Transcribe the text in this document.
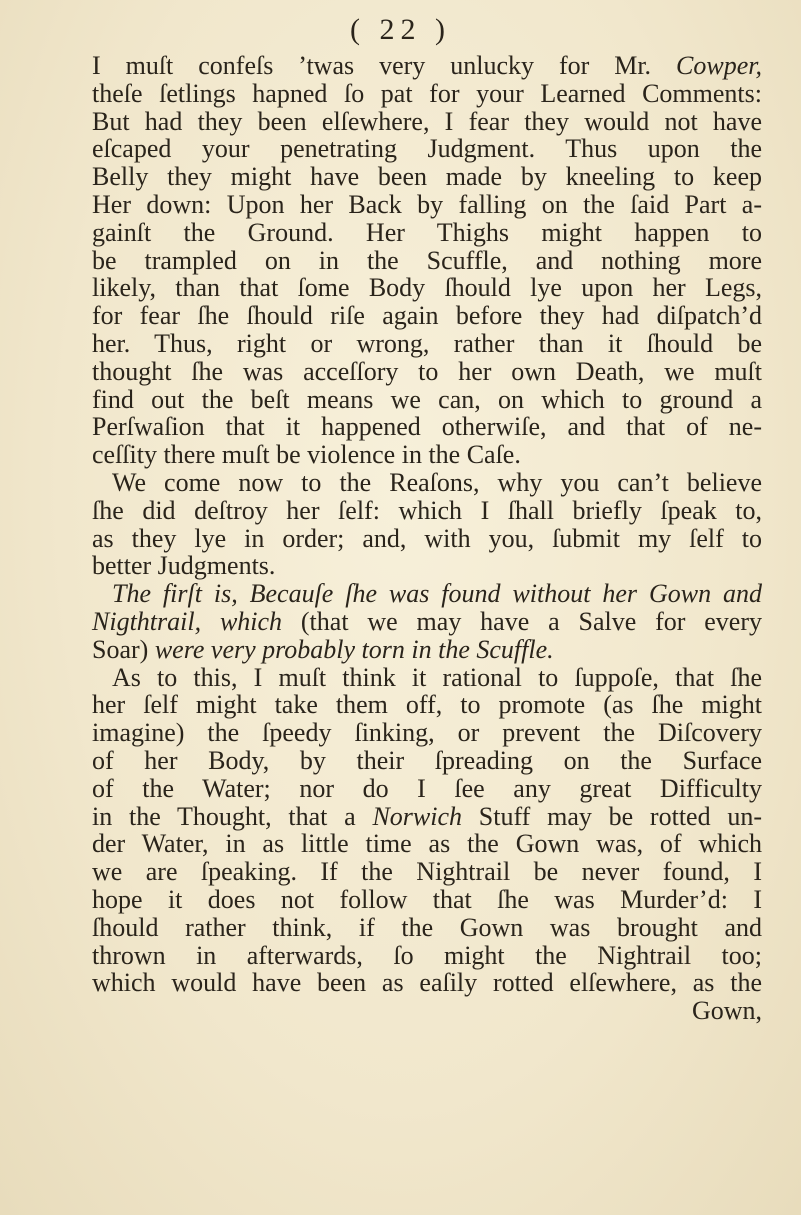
( 22 )
I muſt confeſs ’twas very unlucky for Mr. Cowper,
theſe ſetlings hapned ſo pat for your Learned Comments:
But had they been elſewhere, I fear they would not have
eſcaped your penetrating Judgment. Thus upon the
Belly they might have been made by kneeling to keep
Her down: Upon her Back by falling on the ſaid Part a-
gainſt the Ground. Her Thighs might happen to
be trampled on in the Scuffle, and nothing more
likely, than that ſome Body ſhould lye upon her Legs,
for fear ſhe ſhould riſe again before they had diſpatch’d
her. Thus, right or wrong, rather than it ſhould be
thought ſhe was acceſſory to her own Death, we muſt
find out the beſt means we can, on which to ground a
Perſwaſion that it happened otherwiſe, and that of ne-
ceſſity there muſt be violence in the Caſe.
We come now to the Reaſons, why you can’t believe
ſhe did deſtroy her ſelf: which I ſhall briefly ſpeak to,
as they lye in order; and, with you, ſubmit my ſelf to
better Judgments.
The firſt is, Becauſe ſhe was found without her Gown and
Nigthtrail, which (that we may have a Salve for every
Soar) were very probably torn in the Scuffle.
As to this, I muſt think it rational to ſuppoſe, that ſhe
her ſelf might take them off, to promote (as ſhe might
imagine) the ſpeedy ſinking, or prevent the Diſcovery
of her Body, by their ſpreading on the Surface
of the Water; nor do I ſee any great Difficulty
in the Thought, that a Norwich Stuff may be rotted un-
der Water, in as little time as the Gown was, of which
we are ſpeaking. If the Nightrail be never found, I
hope it does not follow that ſhe was Murder’d: I
ſhould rather think, if the Gown was brought and
thrown in afterwards, ſo might the Nightrail too;
which would have been as eaſily rotted elſewhere, as the
Gown,
